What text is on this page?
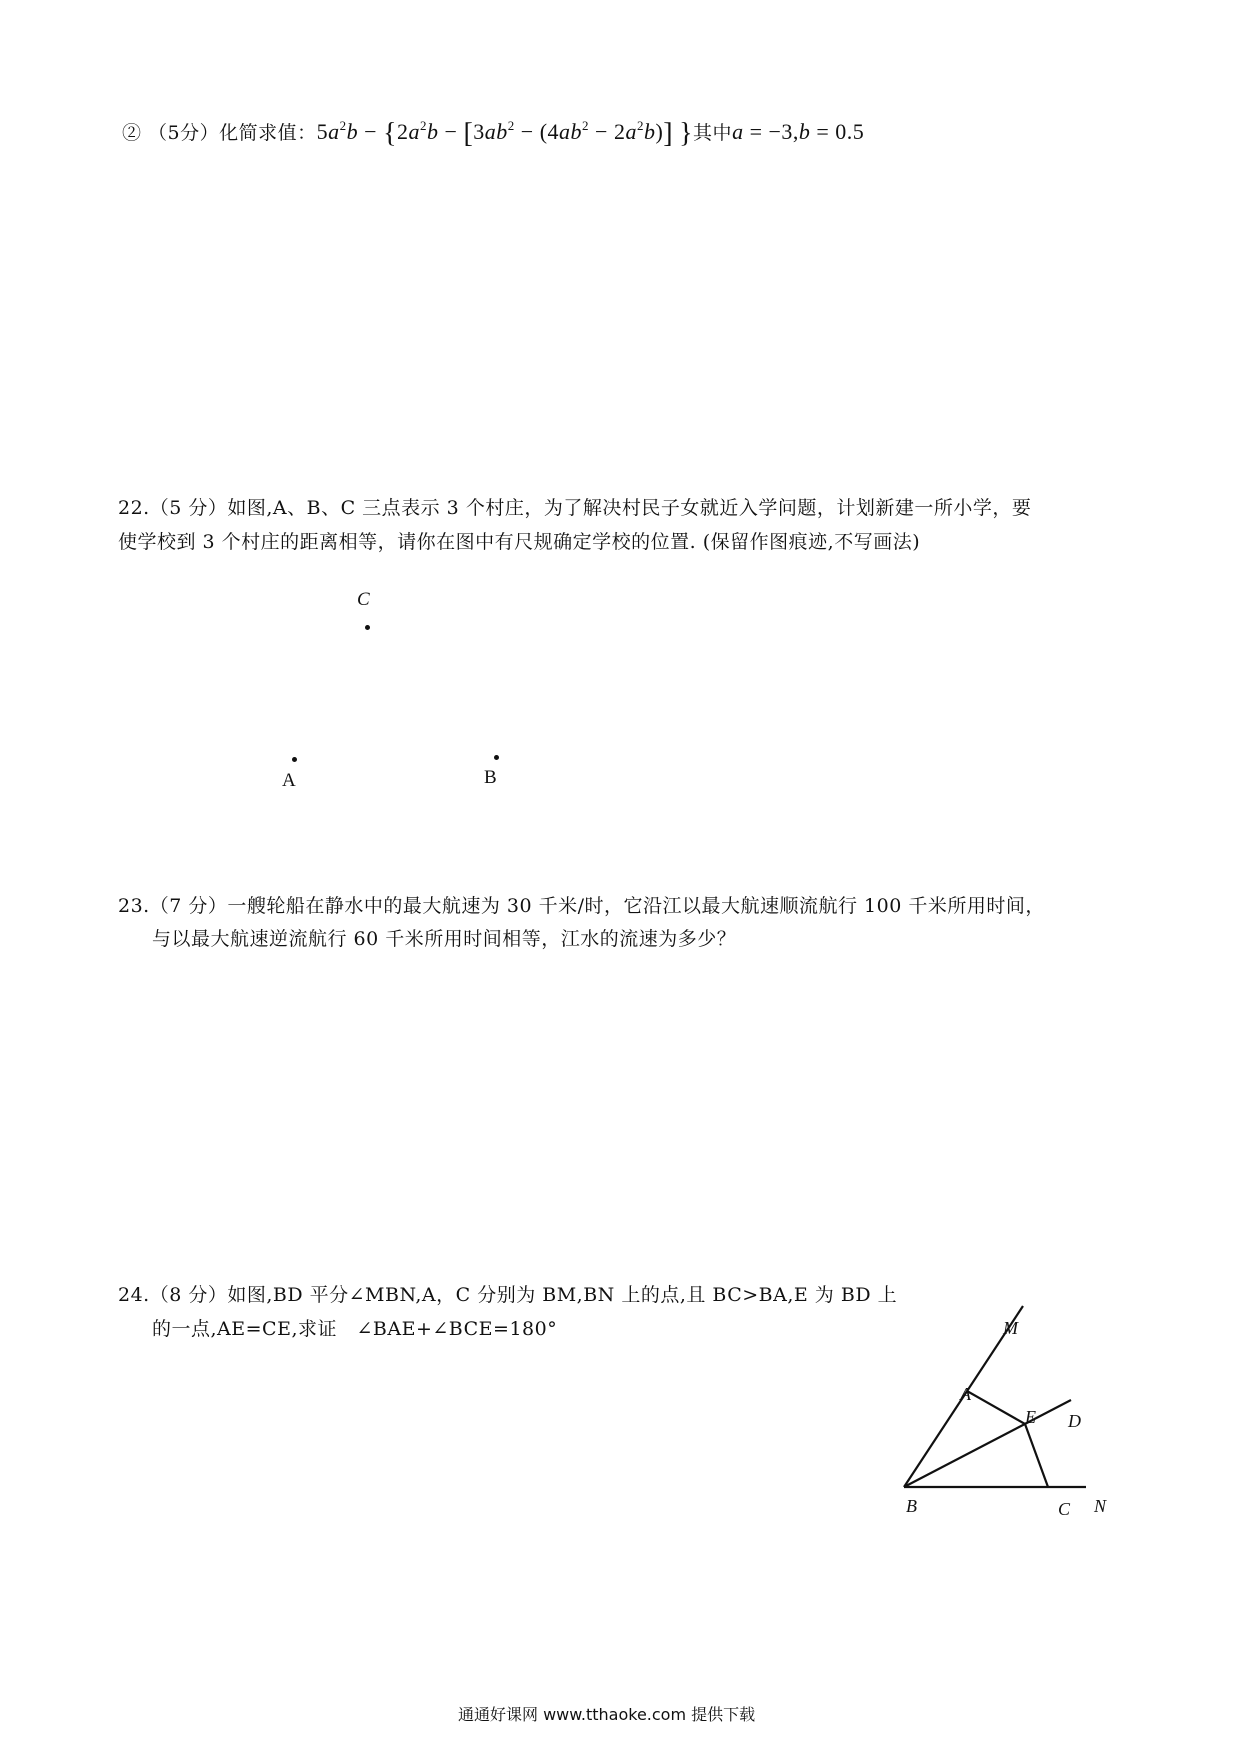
② （5分）化简求值：$5a^2b - \{2a^2b - [3ab^2 - (4ab^2 - 2a^2b)]$ }其中a = −3,b = 0.5
22.（5 分）如图,A、B、C 三点表示 3 个村庄，为了解决村民子女就近入学问题，计划新建一所小学，要
使学校到 3 个村庄的距离相等，请你在图中有尺规确定学校的位置. (保留作图痕迹,不写画法)
C
A	B
23.（7 分）一艘轮船在静水中的最大航速为 30 千米/时，它沿江以最大航速顺流航行 100 千米所用时间，
与以最大航速逆流航行 60 千米所用时间相等，江水的流速为多少？
24.（8 分）如图,BD 平分∠MBN,A，C 分别为 BM,BN 上的点,且 BC>BA,E 为 BD 上
的一点,AE=CE,求证　∠BAE+∠BCE=180°	M
A
E D
B	C N
通通好课网 www.tthaoke.com 提供下载
